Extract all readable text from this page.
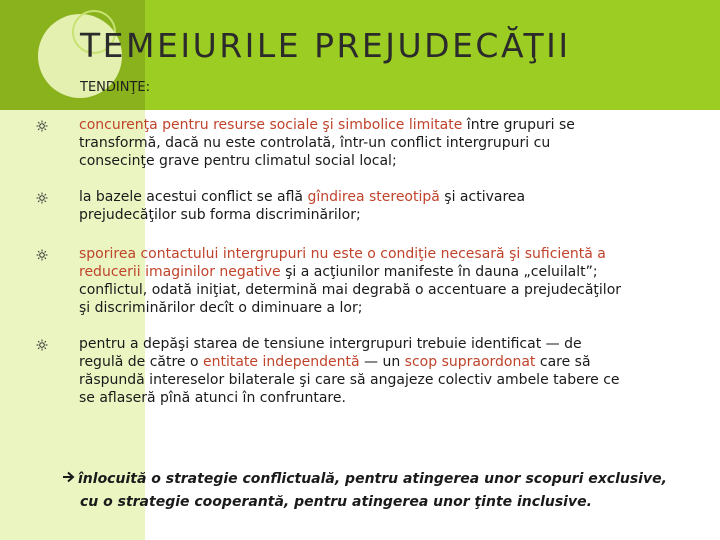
TEMEIURILE PREJUDECĂŢII
TENDINŢE:
concurenţa pentru resurse sociale şi simbolice limitate între grupuri se transformă, dacă nu este controlată, într-un conflict intergrupuri cu consecinţe grave pentru climatul social local;
la bazele acestui conflict se află gîndirea stereotipă şi activarea prejudecăţilor sub forma discriminărilor;
sporirea contactului intergrupuri nu este o condiţie necesară şi suficientă a reducerii imaginilor negative şi a acţiunilor manifeste în dauna „celuilalt”; conflictul, odată iniţiat, determină mai degrabă o accentuare a prejudecăţilor şi discriminărilor decît o diminuare a lor;
pentru a depăşi starea de tensiune intergrupuri trebuie identificat — de regulă de către o entitate independentă — un scop supraordonat care să răspundă intereselor bilaterale şi care să angajeze colectiv ambele tabere ce se aflaseră pînă atunci în confruntare.
înlocuită o strategie conflictuală, pentru atingerea unor scopuri exclusive,
cu o strategie cooperantă, pentru atingerea unor ţinte inclusive.
